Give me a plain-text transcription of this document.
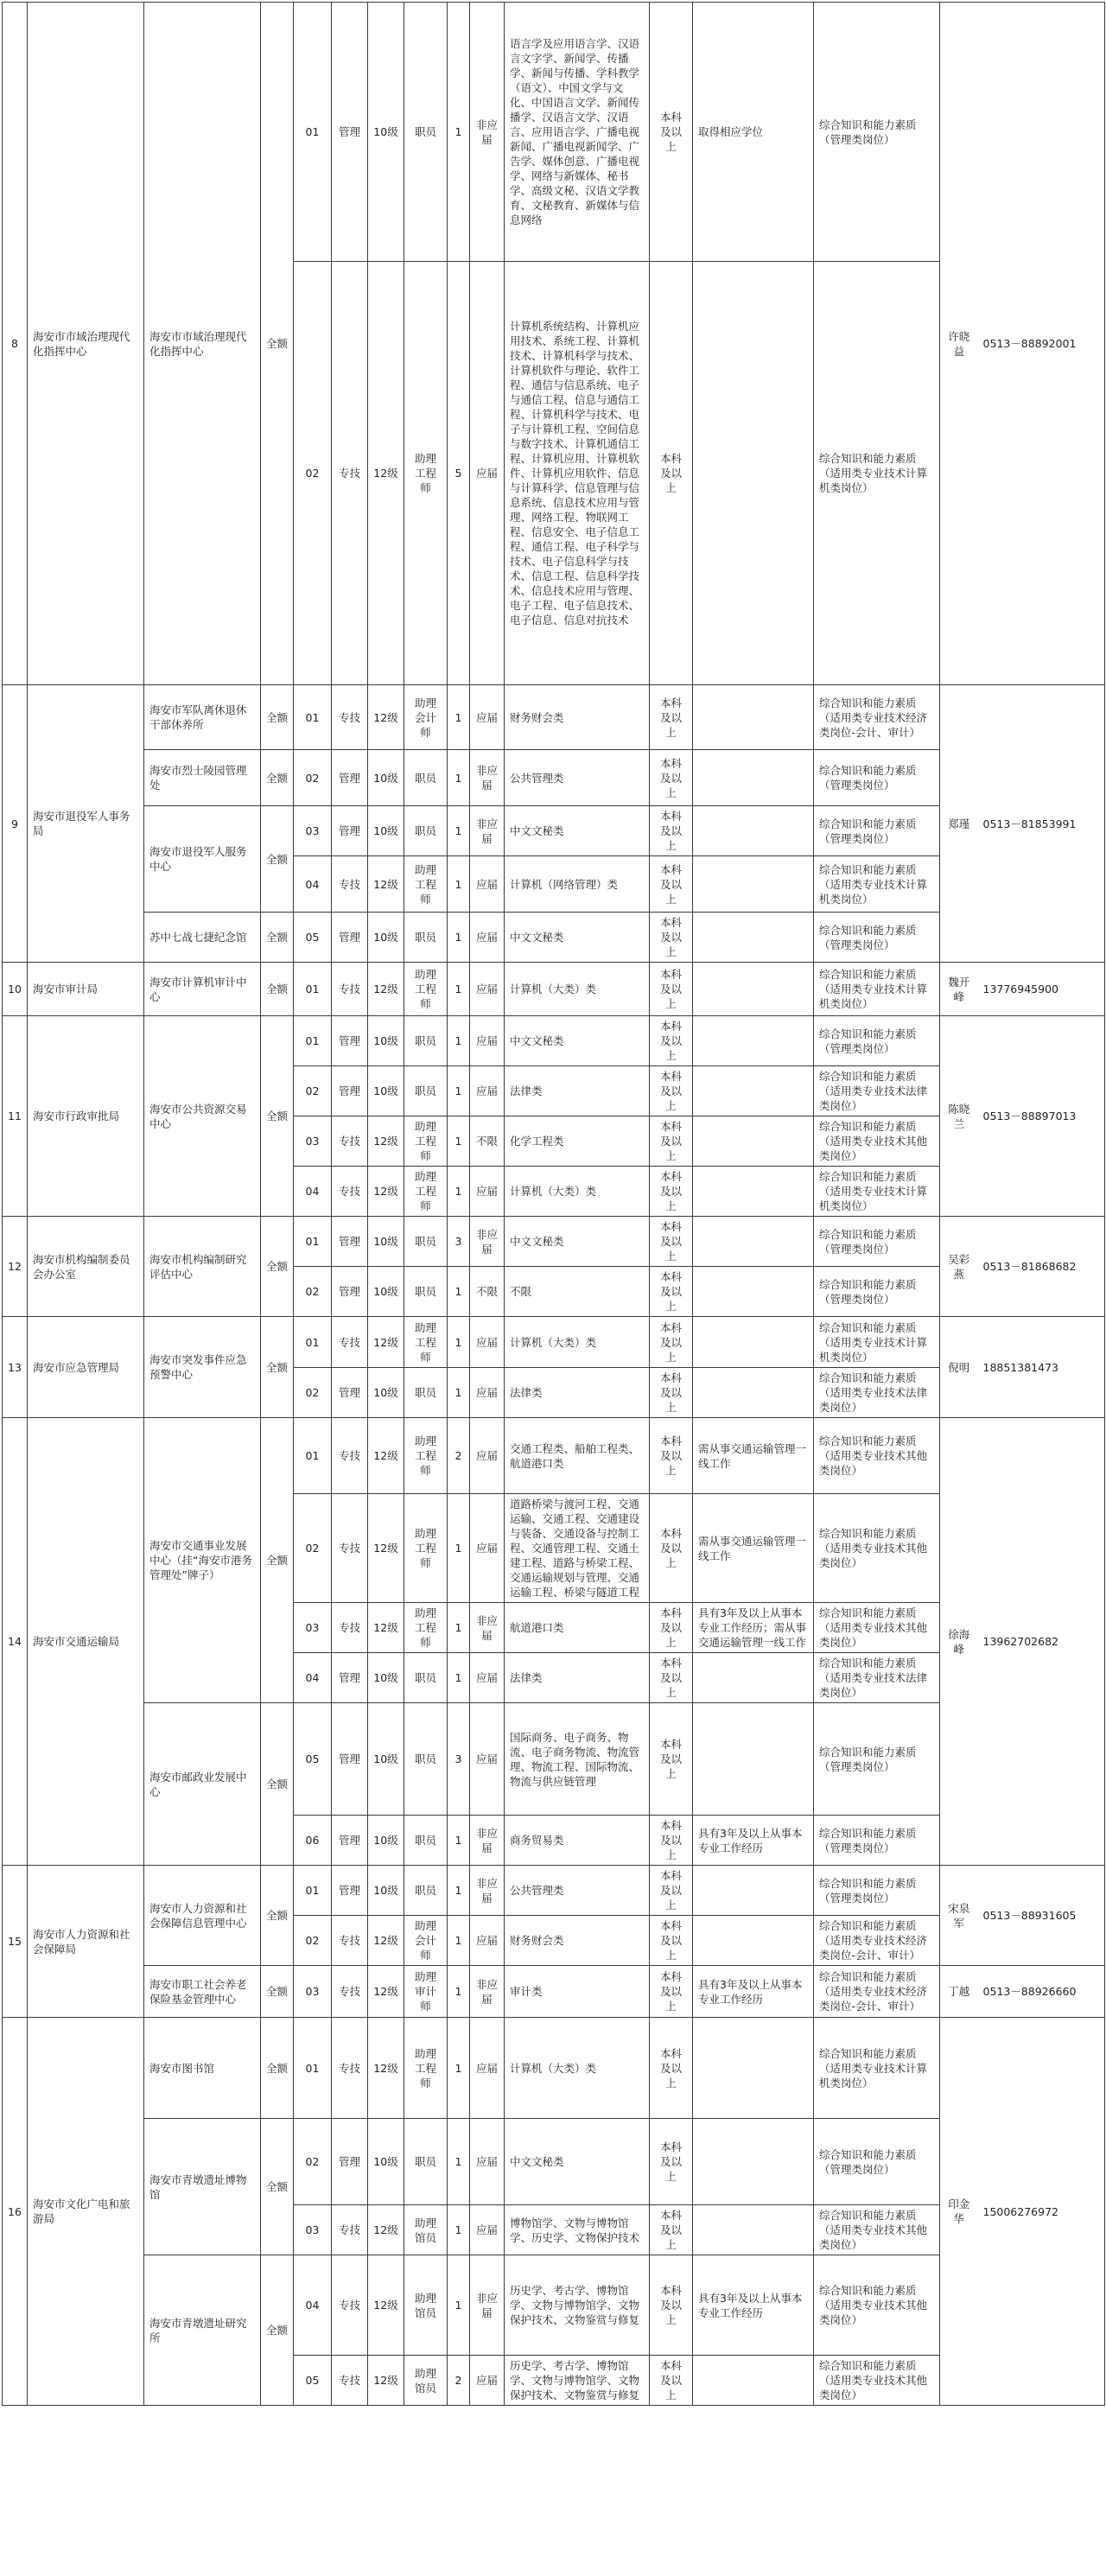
8	海安市市域治理现代化指挥中心	海安市市域治理现代化指挥中心	全额	01	管理	10级	职员	1	非应届	语言学及应用语言学、汉语言文字学、新闻学、传播学、新闻与传播、学科教学（语文）、中国文学与文化、中国语言文学、新闻传播学、汉语言文学、汉语言、应用语言学、广播电视新闻、广播电视新闻学、广告学、媒体创意、广播电视学、网络与新媒体、秘书学、高级文秘、汉语文学教育、文秘教育、新媒体与信息网络	本科及以上	取得相应学位	综合知识和能力素质（管理类岗位）	许晓益	0513－88892001
				02	专技	12级	助理工程师	5	应届	计算机系统结构、计算机应用技术、系统工程、计算机技术、计算机科学与技术、计算机软件与理论、软件工程、通信与信息系统、电子与通信工程、信息与通信工程、计算机科学与技术、电子与计算机工程、空间信息与数字技术、计算机通信工程、计算机应用、计算机软件、计算机应用软件、信息与计算科学、信息管理与信息系统、信息技术应用与管理、网络工程、物联网工程、信息安全、电子信息工程、通信工程、电子科学与技术、电子信息科学与技术、信息工程、信息科学技术、信息技术应用与管理、电子工程、电子信息技术、电子信息、信息对抗技术	本科及以上		综合知识和能力素质（适用类专业技术计算机类岗位）		
9	海安市退役军人事务局	海安市军队离休退休干部休养所	全额	01	专技	12级	助理会计师	1	应届	财务财会类	本科及以上		综合知识和能力素质（适用类专业技术经济类岗位-会计、审计）	郑瑾	0513－81853991
		海安市烈士陵园管理处	全额	02	管理	10级	职员	1	非应届	公共管理类	本科及以上		综合知识和能力素质（管理类岗位）		
		海安市退役军人服务中心	全额	03	管理	10级	职员	1	非应届	中文文秘类	本科及以上		综合知识和能力素质（管理类岗位）		
				04	专技	12级	助理工程师	1	应届	计算机（网络管理）类	本科及以上		综合知识和能力素质（适用类专业技术计算机类岗位）		
		苏中七战七捷纪念馆	全额	05	管理	10级	职员	1	应届	中文文秘类	本科及以上		综合知识和能力素质（管理类岗位）		
10	海安市审计局	海安市计算机审计中心	全额	01	专技	12级	助理工程师	1	应届	计算机（大类）类	本科及以上		综合知识和能力素质（适用类专业技术计算机类岗位）	魏开峰	13776945900
11	海安市行政审批局	海安市公共资源交易中心	全额	01	管理	10级	职员	1	应届	中文文秘类	本科及以上		综合知识和能力素质（管理类岗位）	陈晓兰	0513－88897013
				02	管理	10级	职员	1	应届	法律类	本科及以上		综合知识和能力素质（适用类专业技术法律类岗位）		
				03	专技	12级	助理工程师	1	不限	化学工程类	本科及以上		综合知识和能力素质（适用类专业技术其他类岗位）		
				04	专技	12级	助理工程师	1	应届	计算机（大类）类	本科及以上		综合知识和能力素质（适用类专业技术计算机类岗位）		
12	海安市机构编制委员会办公室	海安市机构编制研究评估中心	全额	01	管理	10级	职员	3	非应届	中文文秘类	本科及以上		综合知识和能力素质（管理类岗位）	吴彩燕	0513－81868682
				02	管理	10级	职员	1	不限	不限	本科及以上		综合知识和能力素质（管理类岗位）		
13	海安市应急管理局	海安市突发事件应急预警中心	全额	01	专技	12级	助理工程师	1	应届	计算机（大类）类	本科及以上		综合知识和能力素质（适用类专业技术计算机类岗位）	倪明	18851381473
				02	管理	10级	职员	1	应届	法律类	本科及以上		综合知识和能力素质（适用类专业技术法律类岗位）		
14	海安市交通运输局	海安市交通事业发展中心（挂“海安市港务管理处”牌子）	全额	01	专技	12级	助理工程师	2	应届	交通工程类、船舶工程类、航道港口类	本科及以上	需从事交通运输管理一线工作	综合知识和能力素质（适用类专业技术其他类岗位）	徐海峰	13962702682
				02	专技	12级	助理工程师	1	应届	道路桥梁与渡河工程、交通运输、交通工程、交通建设与装备、交通设备与控制工程、交通管理工程、交通土建工程、道路与桥梁工程、交通运输规划与管理、交通运输工程、桥梁与隧道工程	本科及以上	需从事交通运输管理一线工作	综合知识和能力素质（适用类专业技术其他类岗位）		
				03	专技	12级	助理工程师	1	非应届	航道港口类	本科及以上	具有3年及以上从事本专业工作经历；需从事交通运输管理一线工作	综合知识和能力素质（适用类专业技术其他类岗位）		
				04	管理	10级	职员	1	应届	法律类	本科及以上		综合知识和能力素质（适用类专业技术法律类岗位）		
		海安市邮政业发展中心	全额	05	管理	10级	职员	3	应届	国际商务、电子商务、物流、电子商务物流、物流管理、物流工程、国际物流、物流与供应链管理	本科及以上		综合知识和能力素质（管理类岗位）		
				06	管理	10级	职员	1	非应届	商务贸易类	本科及以上	具有3年及以上从事本专业工作经历	综合知识和能力素质（管理类岗位）		
15	海安市人力资源和社会保障局	海安市人力资源和社会保障信息管理中心	全额	01	管理	10级	职员	1	非应届	公共管理类	本科及以上		综合知识和能力素质（管理类岗位）	宋泉军	0513－88931605
				02	专技	12级	助理会计师	1	应届	财务财会类	本科及以上		综合知识和能力素质（适用类专业技术经济类岗位-会计、审计）		
		海安市职工社会养老保险基金管理中心	全额	03	专技	12级	助理审计师	1	非应届	审计类	本科及以上	具有3年及以上从事本专业工作经历	综合知识和能力素质（适用类专业技术经济类岗位-会计、审计）	丁越	0513－88926660
16	海安市文化广电和旅游局	海安市图书馆	全额	01	专技	12级	助理工程师	1	应届	计算机（大类）类	本科及以上		综合知识和能力素质（适用类专业技术计算机类岗位）	印金华	15006276972
		海安市青墩遗址博物馆	全额	02	管理	10级	职员	1	应届	中文文秘类	本科及以上		综合知识和能力素质（管理类岗位）		
				03	专技	12级	助理馆员	1	应届	博物馆学、文物与博物馆学、历史学、文物保护技术	本科及以上		综合知识和能力素质（适用类专业技术其他类岗位）		
		海安市青墩遗址研究所	全额	04	专技	12级	助理馆员	1	非应届	历史学、考古学、博物馆学、文物与博物馆学、文物保护技术、文物鉴赏与修复	本科及以上	具有3年及以上从事本专业工作经历	综合知识和能力素质（适用类专业技术其他类岗位）		
				05	专技	12级	助理馆员	2	应届	历史学、考古学、博物馆学、文物与博物馆学、文物保护技术、文物鉴赏与修复	本科及以上		综合知识和能力素质（适用类专业技术其他类岗位）		
